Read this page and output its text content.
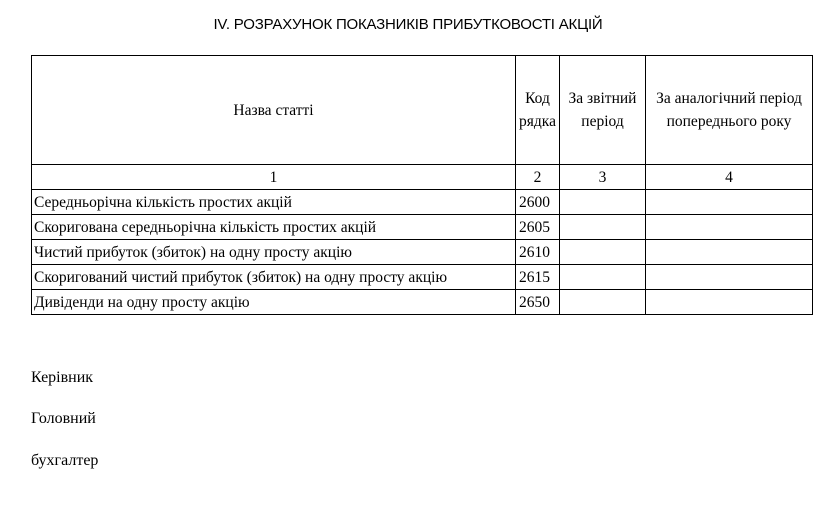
IV. РОЗРАХУНОК ПОКАЗНИКІВ ПРИБУТКОВОСТІ АКЦІЙ
Назва статті	Код рядка	За звітний період	За аналогічний період попереднього року
1	2	3	4
Середньорічна кількість простих акцій	2600		
Скоригована середньорічна кількість простих акцій	2605		
Чистий прибуток (збиток) на одну просту акцію	2610		
Скоригований чистий прибуток (збиток) на одну просту акцію	2615		
Дивіденди на одну просту акцію	2650		
Керівник
Головний
бухгалтер
